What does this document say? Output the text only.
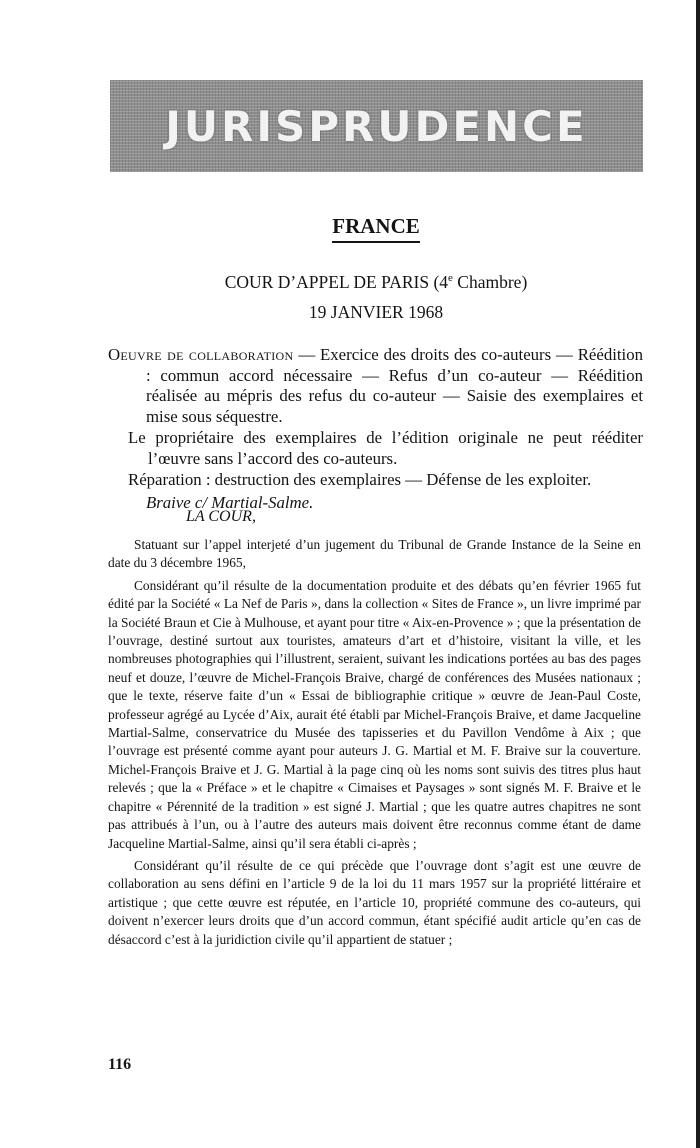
JURISPRUDENCE
FRANCE
COUR D’APPEL DE PARIS (4e Chambre)
19 JANVIER 1968

Oeuvre de collaboration — Exercice des droits des co-auteurs — Réédition : commun accord nécessaire — Refus d’un co-auteur — Réédition réalisée au mépris des refus du co-auteur — Saisie des exemplaires et mise sous séquestre.

Le propriétaire des exemplaires de l’édition originale ne peut rééditer l’œuvre sans l’accord des co-auteurs.

Réparation : destruction des exemplaires — Défense de les exploiter.

Braive c/ Martial-Salme.

LA COUR,

Statuant sur l’appel interjeté d’un jugement du Tribunal de Grande Instance de la Seine en date du 3 décembre 1965,

Considérant qu’il résulte de la documentation produite et des débats qu’en février 1965 fut édité par la Société « La Nef de Paris », dans la collection « Sites de France », un livre imprimé par la Société Braun et Cie à Mulhouse, et ayant pour titre « Aix-en-Provence » ; que la présentation de l’ouvrage, destiné surtout aux touristes, amateurs d’art et d’histoire, visitant la ville, et les nombreuses photographies qui l’illustrent, seraient, suivant les indications portées au bas des pages neuf et douze, l’œuvre de Michel-François Braive, chargé de conférences des Musées nationaux ; que le texte, réserve faite d’un « Essai de bibliographie critique » œuvre de Jean-Paul Coste, professeur agrégé au Lycée d’Aix, aurait été établi par Michel-François Braive, et dame Jacqueline Martial-Salme, conservatrice du Musée des tapisseries et du Pavillon Vendôme à Aix ; que l’ouvrage est présenté comme ayant pour auteurs J. G. Martial et M. F. Braive sur la couverture. Michel-François Braive et J. G. Martial à la page cinq où les noms sont suivis des titres plus haut relevés ; que la « Préface » et le chapitre « Cimaises et Paysages » sont signés M. F. Braive et le chapitre « Pérennité de la tradition » est signé J. Martial ; que les quatre autres chapitres ne sont pas attribués à l’un, ou à l’autre des auteurs mais doivent être reconnus comme étant de dame Jacqueline Martial-Salme, ainsi qu’il sera établi ci-après ;

Considérant qu’il résulte de ce qui précède que l’ouvrage dont s’agit est une œuvre de collaboration au sens défini en l’article 9 de la loi du 11 mars 1957 sur la propriété littéraire et artistique ; que cette œuvre est réputée, en l’article 10, propriété commune des co-auteurs, qui doivent n’exercer leurs droits que d’un accord commun, étant spécifié audit article qu’en cas de désaccord c’est à la juridiction civile qu’il appartient de statuer ;

116
